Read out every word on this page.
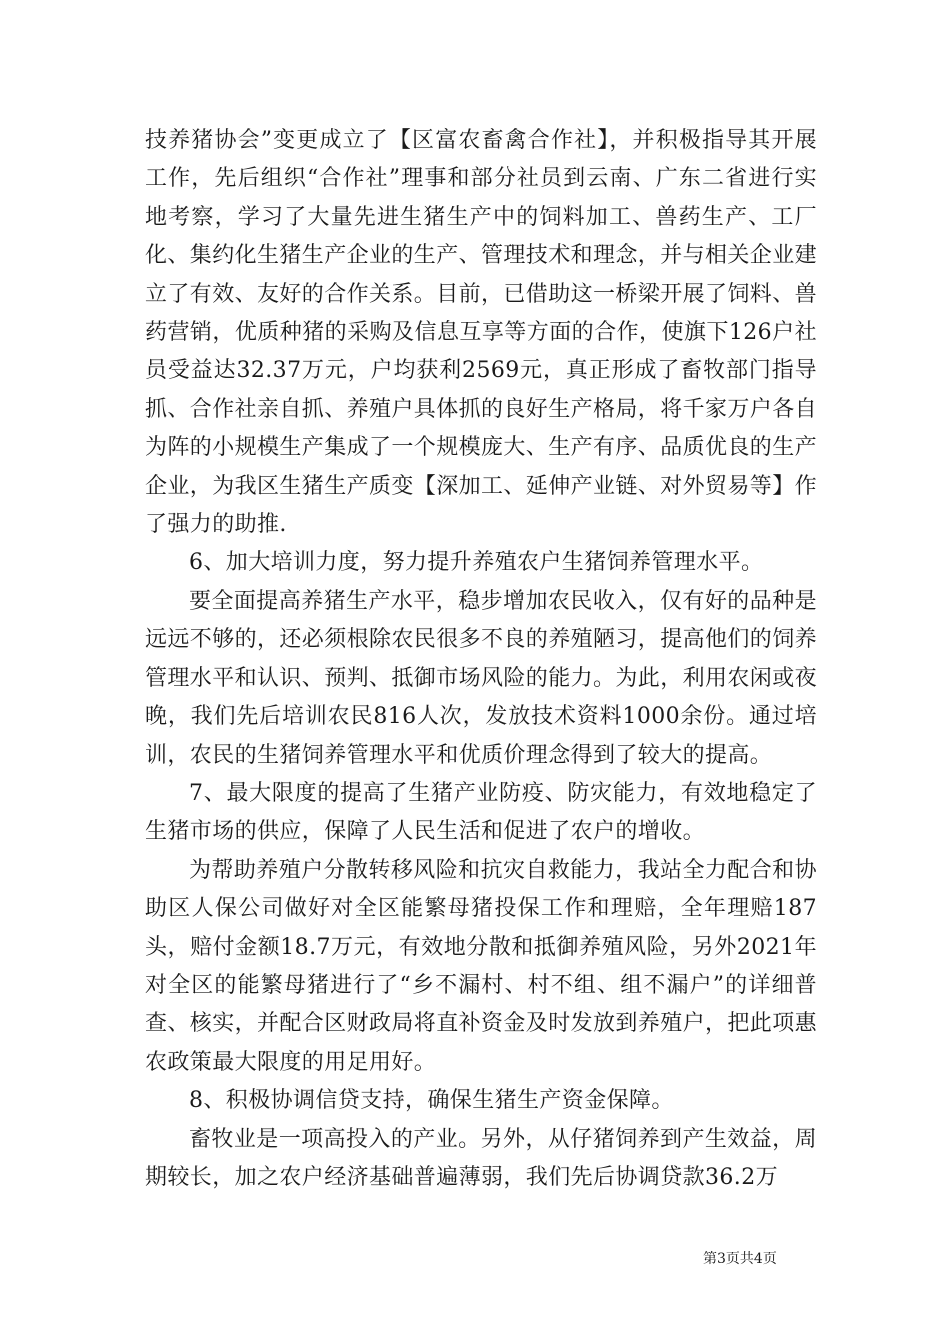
技养猪协会”变更成立了【区富农畜禽合作社】，并积极指导其开展工作，先后组织“合作社”理事和部分社员到云南、广东二省进行实地考察，学习了大量先进生猪生产中的饲料加工、兽药生产、工厂化、集约化生猪生产企业的生产、管理技术和理念，并与相关企业建立了有效、友好的合作关系。目前，已借助这一桥梁开展了饲料、兽药营销，优质种猪的采购及信息互享等方面的合作，使旗下126户社员受益达32.37万元，户均获利2569元，真正形成了畜牧部门指导抓、合作社亲自抓、养殖户具体抓的良好生产格局，将千家万户各自为阵的小规模生产集成了一个规模庞大、生产有序、品质优良的生产企业，为我区生猪生产质变【深加工、延伸产业链、对外贸易等】作了强力的助推.

6、加大培训力度，努力提升养殖农户生猪饲养管理水平。

要全面提高养猪生产水平，稳步增加农民收入，仅有好的品种是远远不够的，还必须根除农民很多不良的养殖陋习，提高他们的饲养管理水平和认识、预判、抵御市场风险的能力。为此，利用农闲或夜晚，我们先后培训农民816人次，发放技术资料1000余份。通过培训，农民的生猪饲养管理水平和优质价理念得到了较大的提高。

7、最大限度的提高了生猪产业防疫、防灾能力，有效地稳定了生猪市场的供应，保障了人民生活和促进了农户的增收。

为帮助养殖户分散转移风险和抗灾自救能力，我站全力配合和协助区人保公司做好对全区能繁母猪投保工作和理赔，全年理赔187头，赔付金额18.7万元，有效地分散和抵御养殖风险，另外2021年对全区的能繁母猪进行了“乡不漏村、村不组、组不漏户”的详细普查、核实，并配合区财政局将直补资金及时发放到养殖户，把此项惠农政策最大限度的用足用好。

8、积极协调信贷支持，确保生猪生产资金保障。

畜牧业是一项高投入的产业。另外，从仔猪饲养到产生效益，周期较长，加之农户经济基础普遍薄弱，我们先后协调贷款36.2万

第3页共4页
